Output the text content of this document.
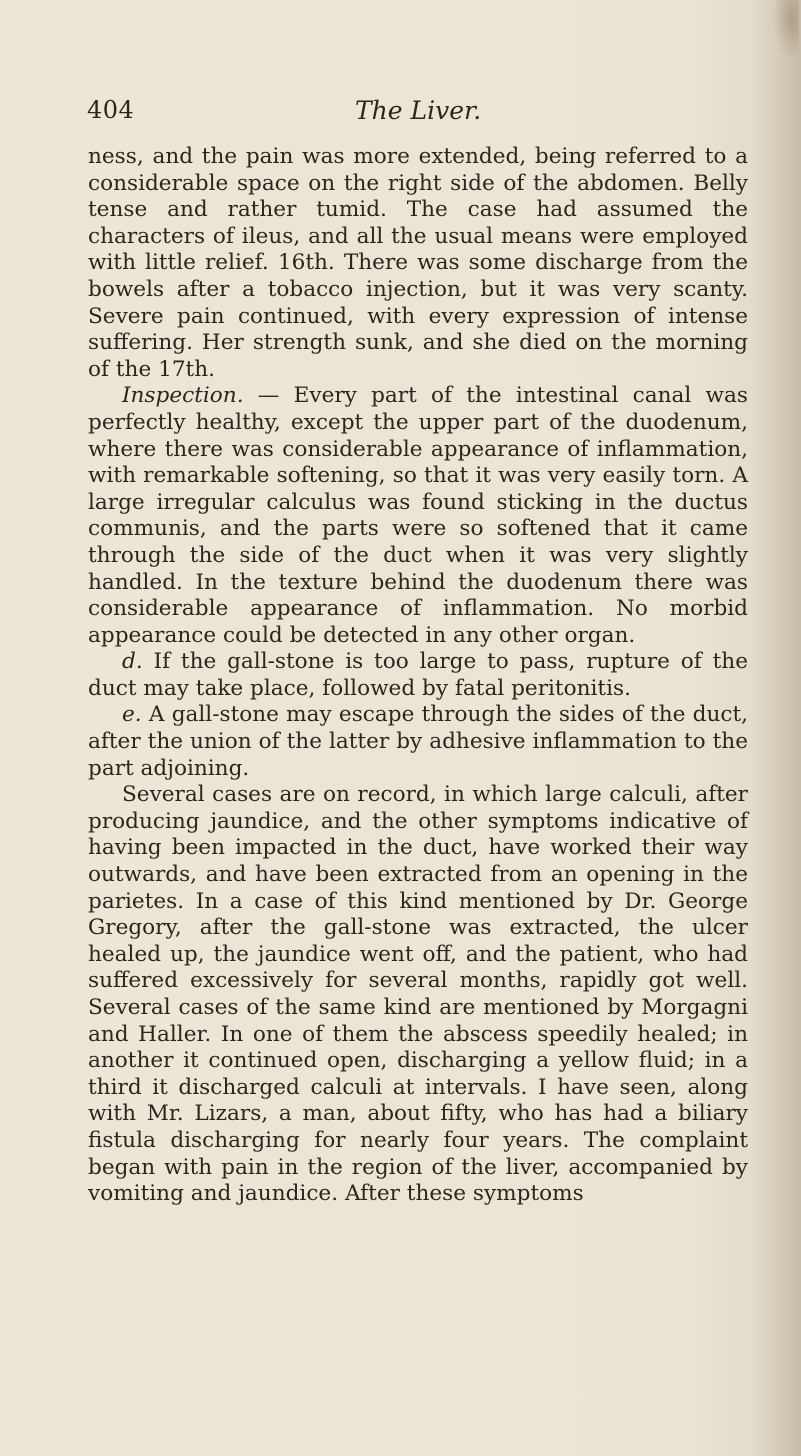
404	The Liver.

ness, and the pain was more extended, being referred to a considerable space on the right side of the abdomen. Belly tense and rather tumid. The case had assumed the characters of ileus, and all the usual means were employed with little relief. 16th. There was some discharge from the bowels after a tobacco injection, but it was very scanty. Severe pain continued, with every expression of intense suffering. Her strength sunk, and she died on the morning of the 17th.

Inspection. — Every part of the intestinal canal was perfectly healthy, except the upper part of the duodenum, where there was considerable appearance of inflammation, with remarkable softening, so that it was very easily torn. A large irregular calculus was found sticking in the ductus communis, and the parts were so softened that it came through the side of the duct when it was very slightly handled. In the texture behind the duodenum there was considerable appearance of inflammation. No morbid appearance could be detected in any other organ.

d. If the gall-stone is too large to pass, rupture of the duct may take place, followed by fatal peritonitis.

e. A gall-stone may escape through the sides of the duct, after the union of the latter by adhesive inflammation to the part adjoining.

Several cases are on record, in which large calculi, after producing jaundice, and the other symptoms indicative of having been impacted in the duct, have worked their way outwards, and have been extracted from an opening in the parietes. In a case of this kind mentioned by Dr. George Gregory, after the gall-stone was extracted, the ulcer healed up, the jaundice went off, and the patient, who had suffered excessively for several months, rapidly got well. Several cases of the same kind are mentioned by Morgagni and Haller. In one of them the abscess speedily healed; in another it continued open, discharging a yellow fluid; in a third it discharged calculi at intervals. I have seen, along with Mr. Lizars, a man, about fifty, who has had a biliary fistula discharging for nearly four years. The complaint began with pain in the region of the liver, accompanied by vomiting and jaundice. After these symptoms
